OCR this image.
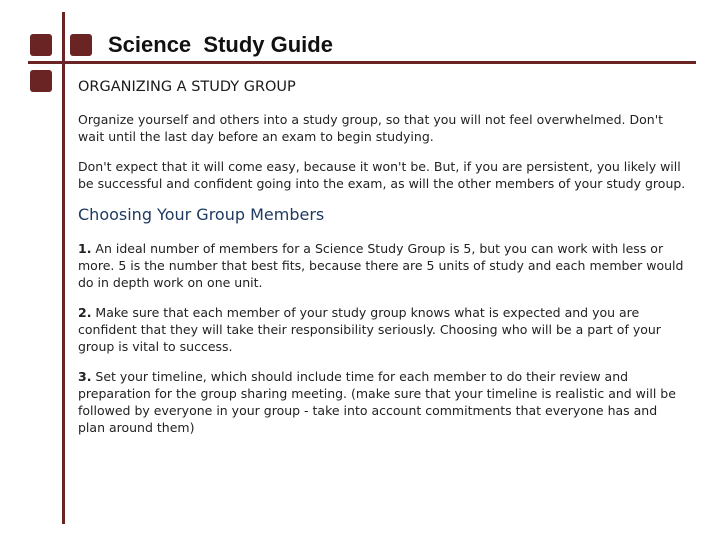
Science  Study Guide

ORGANIZING A STUDY GROUP

Organize yourself and others into a study group, so that you will not feel overwhelmed. Don't wait until the last day before an exam to begin studying.

Don't expect that it will come easy, because it won't be. But, if you are persistent, you likely will be successful and confident going into the exam, as will the other members of your study group.

Choosing Your Group Members

1. An ideal number of members for a Science Study Group is 5, but you can work with less or more. 5 is the number that best fits, because there are 5 units of study and each member would do in depth work on one unit.

2. Make sure that each member of your study group knows what is expected and you are confident that they will take their responsibility seriously. Choosing who will be a part of your group is vital to success.

3. Set your timeline, which should include time for each member to do their review and preparation for the group sharing meeting. (make sure that your timeline is realistic and will be followed by everyone in your group - take into account commitments that everyone has and plan around them)
